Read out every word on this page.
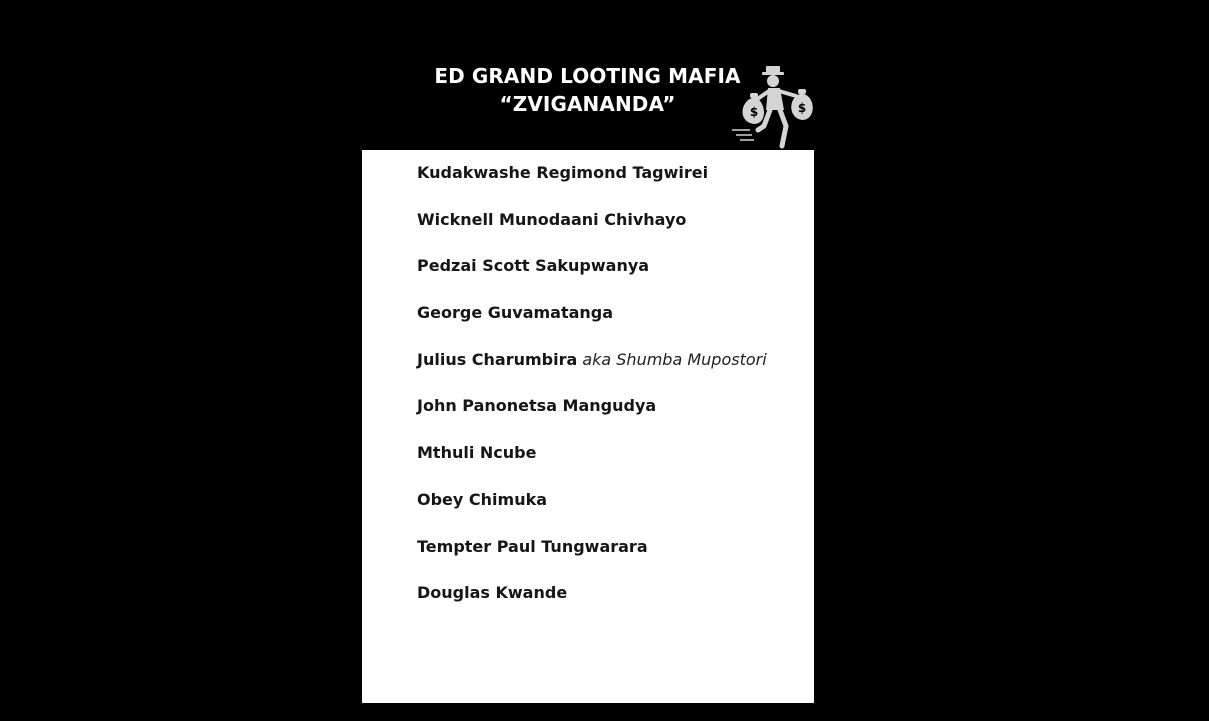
ED GRAND LOOTING MAFIA
“ZVIGANANDA”	$	$
Kudakwashe Regimond Tagwirei
Wicknell Munodaani Chivhayo
Pedzai Scott Sakupwanya
George Guvamatanga
Julius Charumbira aka Shumba Mupostori
John Panonetsa Mangudya
Mthuli Ncube
Obey Chimuka
Tempter Paul Tungwarara
Douglas Kwande
